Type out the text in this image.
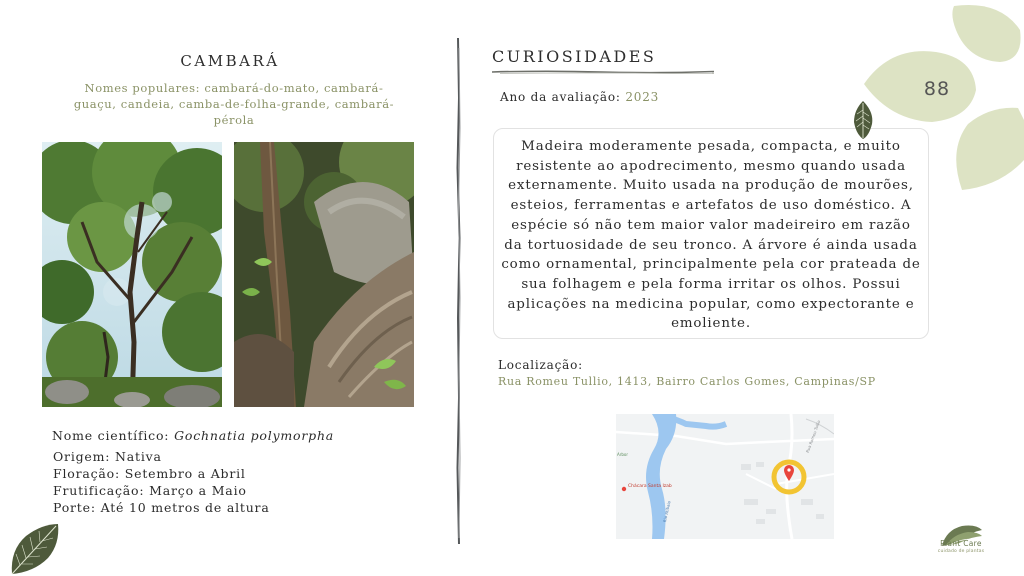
CAMBARÁ
Nomes populares: cambará-do-mato, cambará-guaçu, candeia, camba-de-folha-grande, cambará-pérola
Nome científico: Gochnatia polymorpha
Origem: Nativa
Floração: Setembro a Abril
Frutificação: Março a Maio
Porte: Até 10 metros de altura
CURIOSIDADES
Ano da avaliação: 2023
Madeira moderamente pesada, compacta, e muito resistente ao apodrecimento, mesmo quando usada externamente. Muito usada na produção de mourões, esteios, ferramentas e artefatos de uso doméstico. A espécie só não tem maior valor madeireiro em razão da tortuosidade de seu tronco. A árvore é ainda usada como ornamental, principalmente pela cor prateada de sua folhagem e pela forma irritar os olhos. Possui aplicações na medicina popular, como expectorante e emoliente.
Localização:
Rua Romeu Tullio, 1413, Bairro Carlos Gomes, Campinas/SP
Chácara Santa Izab
Rio Atibaia
Rua Romeu Tullio
Arbor
88
Plant Care
cuidado de plantas
